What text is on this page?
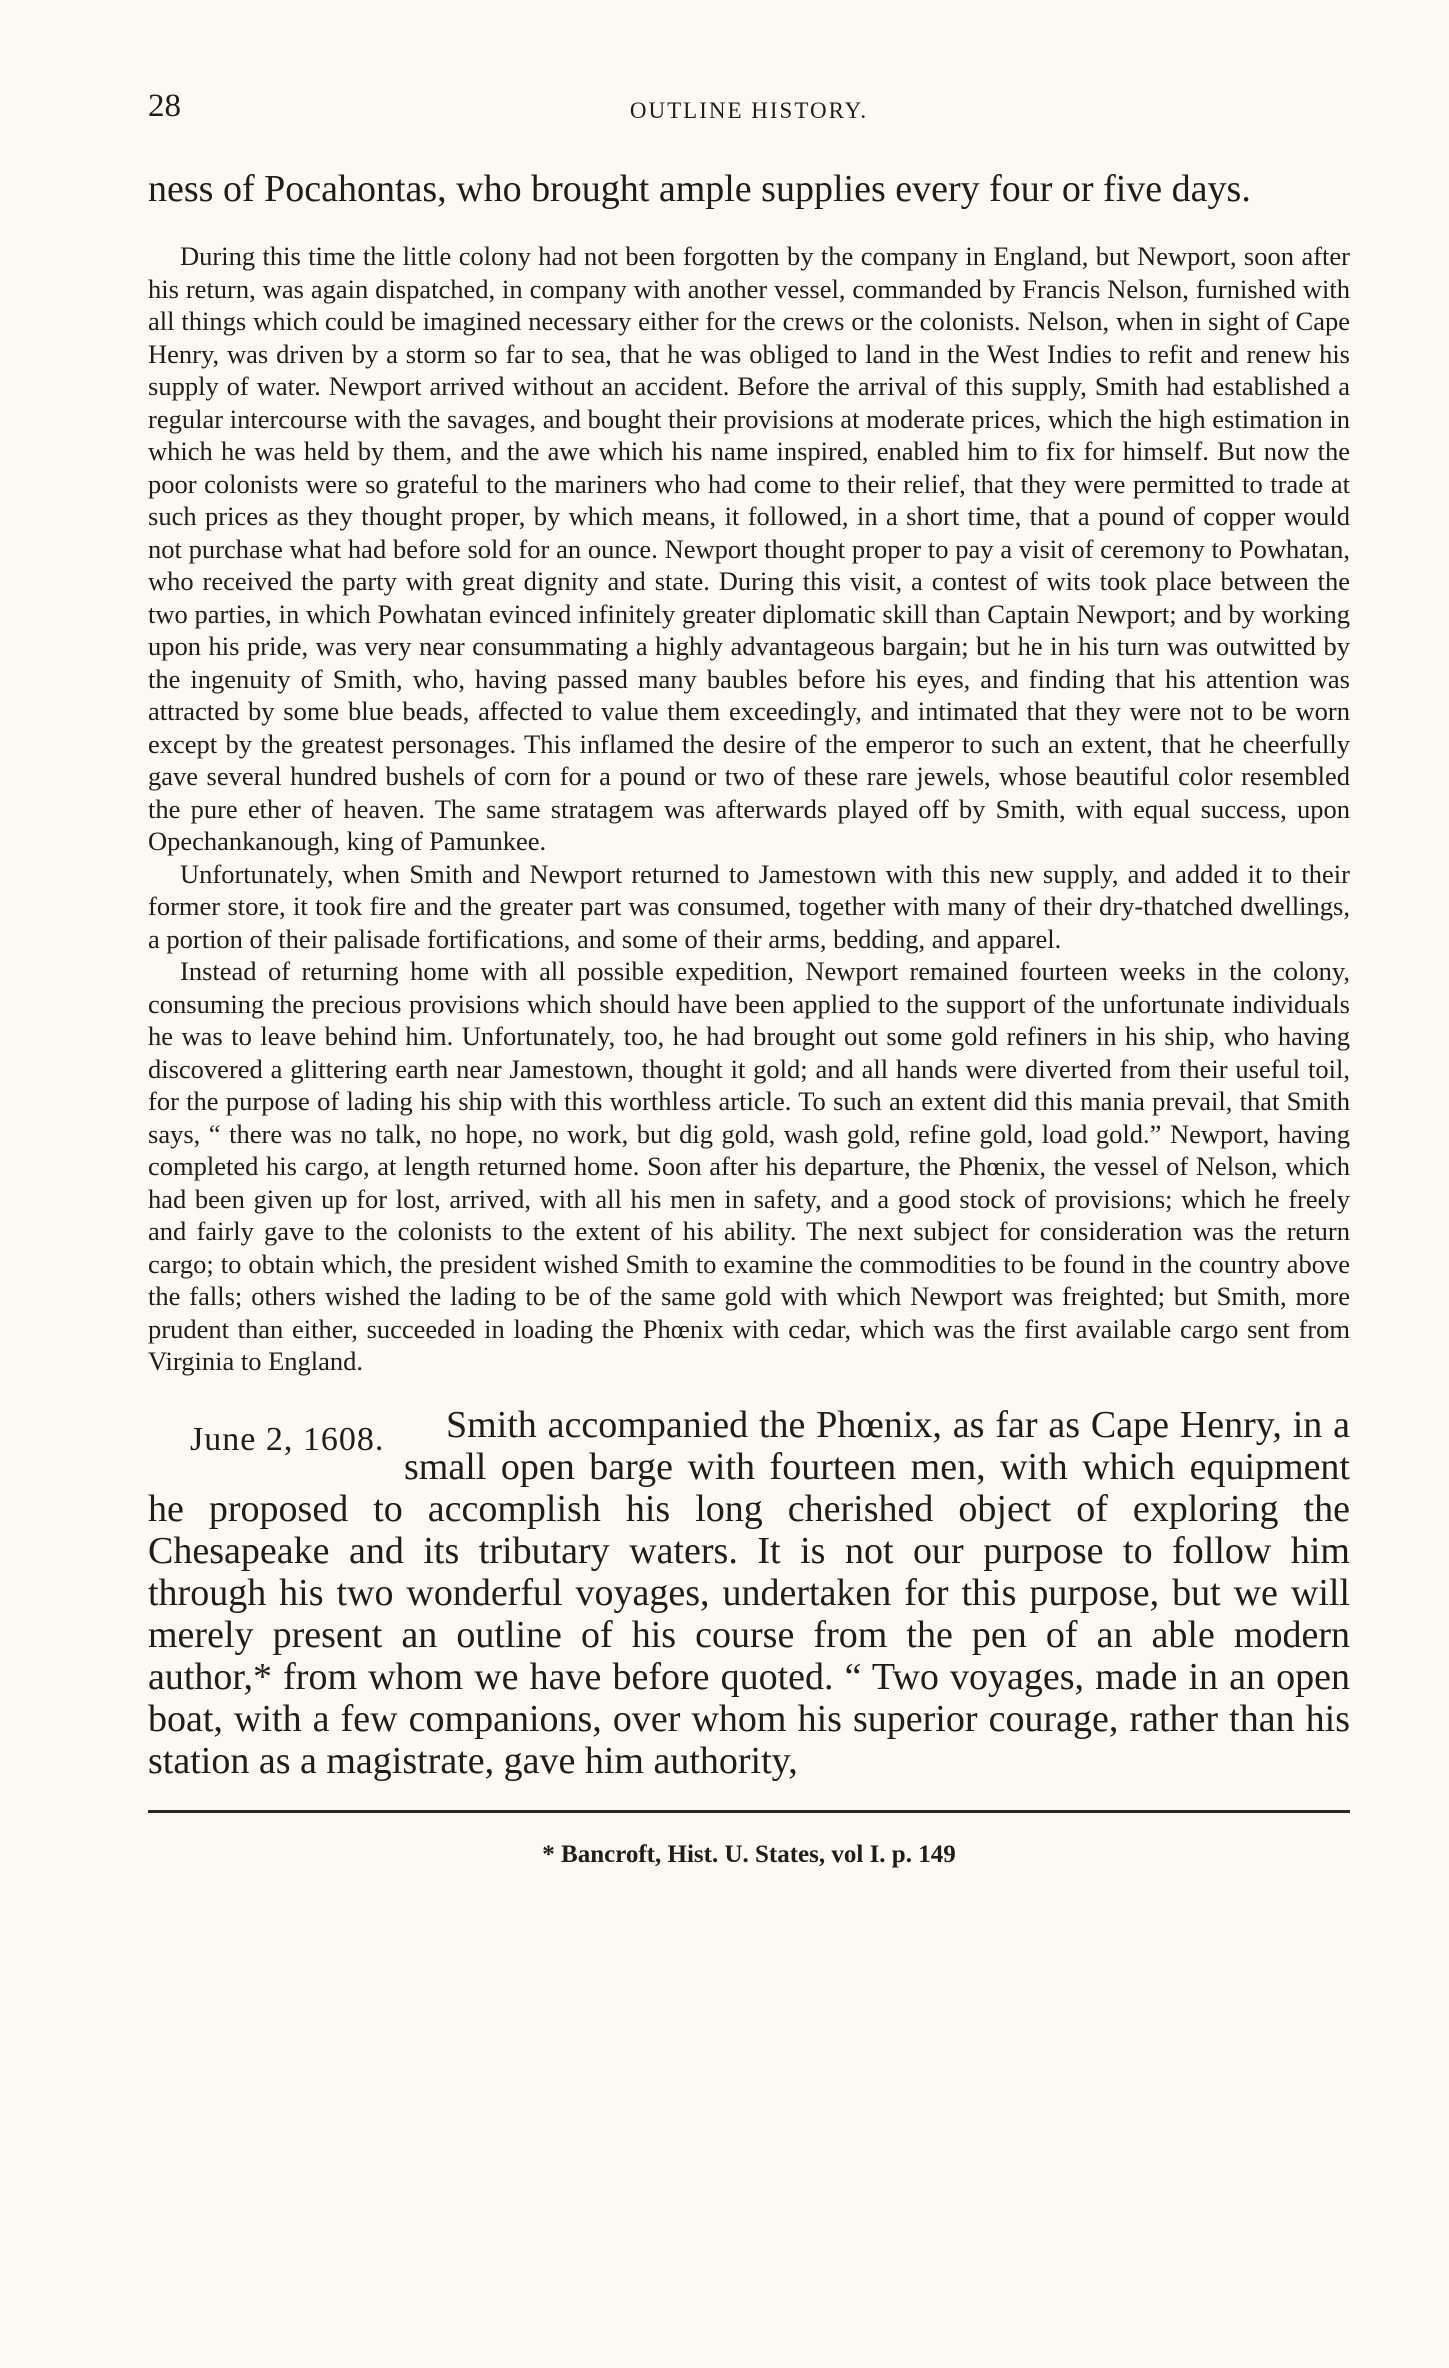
28	OUTLINE HISTORY.

ness of Pocahontas, who brought ample supplies every four or five days.

During this time the little colony had not been forgotten by the company in England, but Newport, soon after his return, was again dispatched, in company with another vessel, commanded by Francis Nelson, furnished with all things which could be imagined necessary either for the crews or the colonists. Nelson, when in sight of Cape Henry, was driven by a storm so far to sea, that he was obliged to land in the West Indies to refit and renew his supply of water. Newport arrived without an accident. Before the arrival of this supply, Smith had established a regular intercourse with the savages, and bought their provisions at moderate prices, which the high estimation in which he was held by them, and the awe which his name inspired, enabled him to fix for himself. But now the poor colonists were so grateful to the mariners who had come to their relief, that they were permitted to trade at such prices as they thought proper, by which means, it followed, in a short time, that a pound of copper would not purchase what had before sold for an ounce. Newport thought proper to pay a visit of ceremony to Powhatan, who received the party with great dignity and state. During this visit, a contest of wits took place between the two parties, in which Powhatan evinced infinitely greater diplomatic skill than Captain Newport; and by working upon his pride, was very near consummating a highly advantageous bargain; but he in his turn was outwitted by the ingenuity of Smith, who, having passed many baubles before his eyes, and finding that his attention was attracted by some blue beads, affected to value them exceedingly, and intimated that they were not to be worn except by the greatest personages. This inflamed the desire of the emperor to such an extent, that he cheerfully gave several hundred bushels of corn for a pound or two of these rare jewels, whose beautiful color resembled the pure ether of heaven. The same stratagem was afterwards played off by Smith, with equal success, upon Opechankanough, king of Pamunkee.

Unfortunately, when Smith and Newport returned to Jamestown with this new supply, and added it to their former store, it took fire and the greater part was consumed, together with many of their dry-thatched dwellings, a portion of their palisade fortifications, and some of their arms, bedding, and apparel.

Instead of returning home with all possible expedition, Newport remained fourteen weeks in the colony, consuming the precious provisions which should have been applied to the support of the unfortunate individuals he was to leave behind him. Unfortunately, too, he had brought out some gold refiners in his ship, who having discovered a glittering earth near Jamestown, thought it gold; and all hands were diverted from their useful toil, for the purpose of lading his ship with this worthless article. To such an extent did this mania prevail, that Smith says, “ there was no talk, no hope, no work, but dig gold, wash gold, refine gold, load gold.” Newport, having completed his cargo, at length returned home. Soon after his departure, the Phœnix, the vessel of Nelson, which had been given up for lost, arrived, with all his men in safety, and a good stock of provisions; which he freely and fairly gave to the colonists to the extent of his ability. The next subject for consideration was the return cargo; to obtain which, the president wished Smith to examine the commodities to be found in the country above the falls; others wished the lading to be of the same gold with which Newport was freighted; but Smith, more prudent than either, succeeded in loading the Phœnix with cedar, which was the first available cargo sent from Virginia to England.

June 2, 1608.	Smith accompanied the Phœnix, as far as Cape Henry, in a small open barge with fourteen men, with which equipment he proposed to accomplish his long cherished object of exploring the Chesapeake and its tributary waters. It is not our purpose to follow him through his two wonderful voyages, undertaken for this purpose, but we will merely present an outline of his course from the pen of an able modern author,* from whom we have before quoted. “ Two voyages, made in an open boat, with a few companions, over whom his superior courage, rather than his station as a magistrate, gave him authority,

* Bancroft, Hist. U. States, vol I. p. 149
